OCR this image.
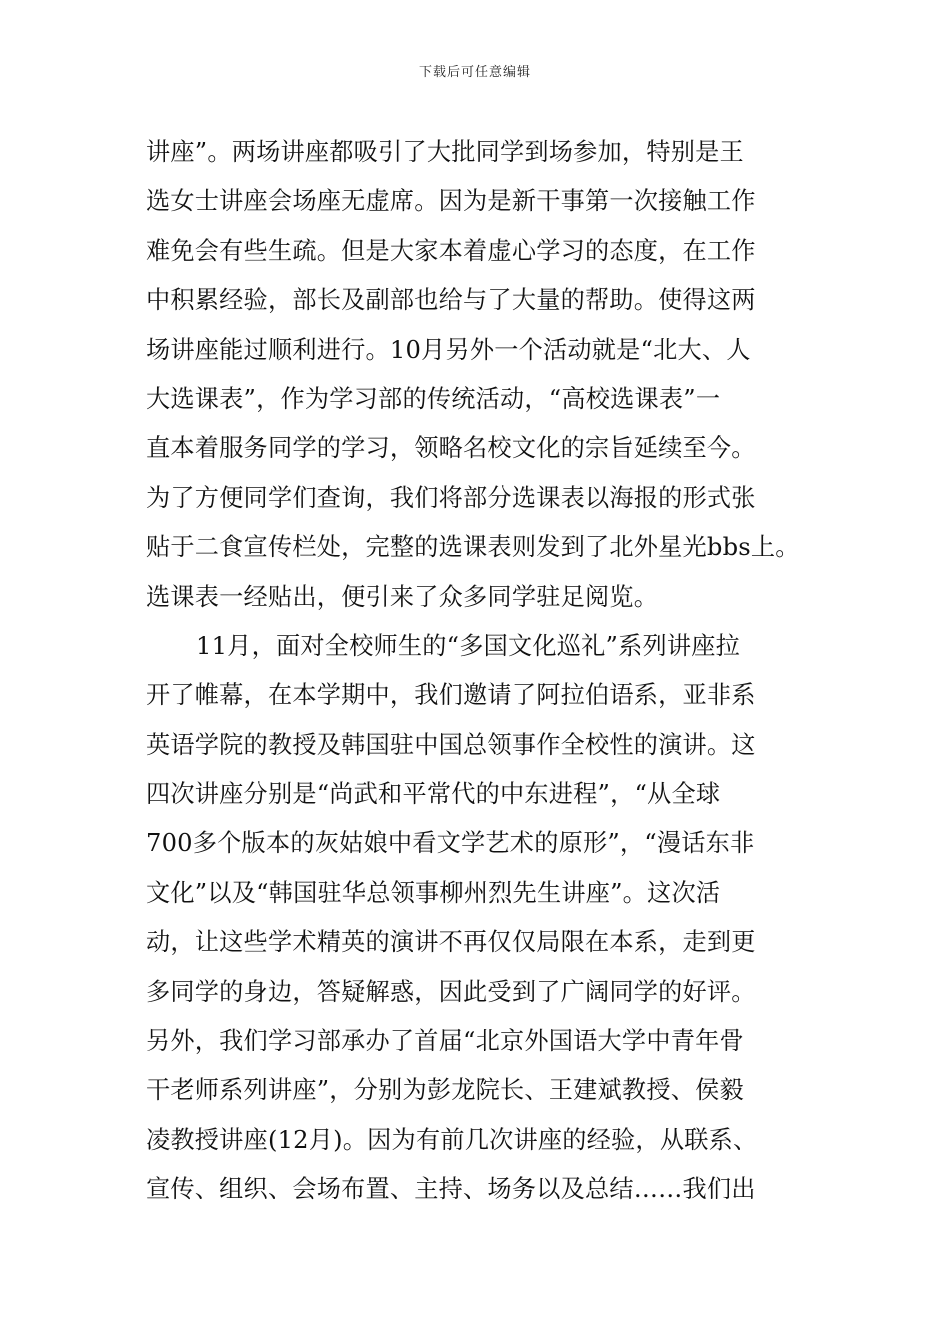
下载后可任意编辑
讲座”。两场讲座都吸引了大批同学到场参加，特别是王
选女士讲座会场座无虚席。因为是新干事第一次接触工作
难免会有些生疏。但是大家本着虚心学习的态度，在工作
中积累经验，部长及副部也给与了大量的帮助。使得这两
场讲座能过顺利进行。10月另外一个活动就是“北大、人
大选课表”，作为学习部的传统活动，“高校选课表”一
直本着服务同学的学习，领略名校文化的宗旨延续至今。
为了方便同学们查询，我们将部分选课表以海报的形式张
贴于二食宣传栏处，完整的选课表则发到了北外星光bbs上。
选课表一经贴出，便引来了众多同学驻足阅览。
11月，面对全校师生的“多国文化巡礼”系列讲座拉
开了帷幕，在本学期中，我们邀请了阿拉伯语系，亚非系
英语学院的教授及韩国驻中国总领事作全校性的演讲。这
四次讲座分别是“尚武和平常代的中东进程”，“从全球
700多个版本的灰姑娘中看文学艺术的原形”，“漫话东非
文化”以及“韩国驻华总领事柳州烈先生讲座”。这次活
动，让这些学术精英的演讲不再仅仅局限在本系，走到更
多同学的身边，答疑解惑，因此受到了广阔同学的好评。
另外，我们学习部承办了首届“北京外国语大学中青年骨
干老师系列讲座”，分别为彭龙院长、王建斌教授、侯毅
凌教授讲座(12月)。因为有前几次讲座的经验，从联系、
宣传、组织、会场布置、主持、场务以及总结……我们出
